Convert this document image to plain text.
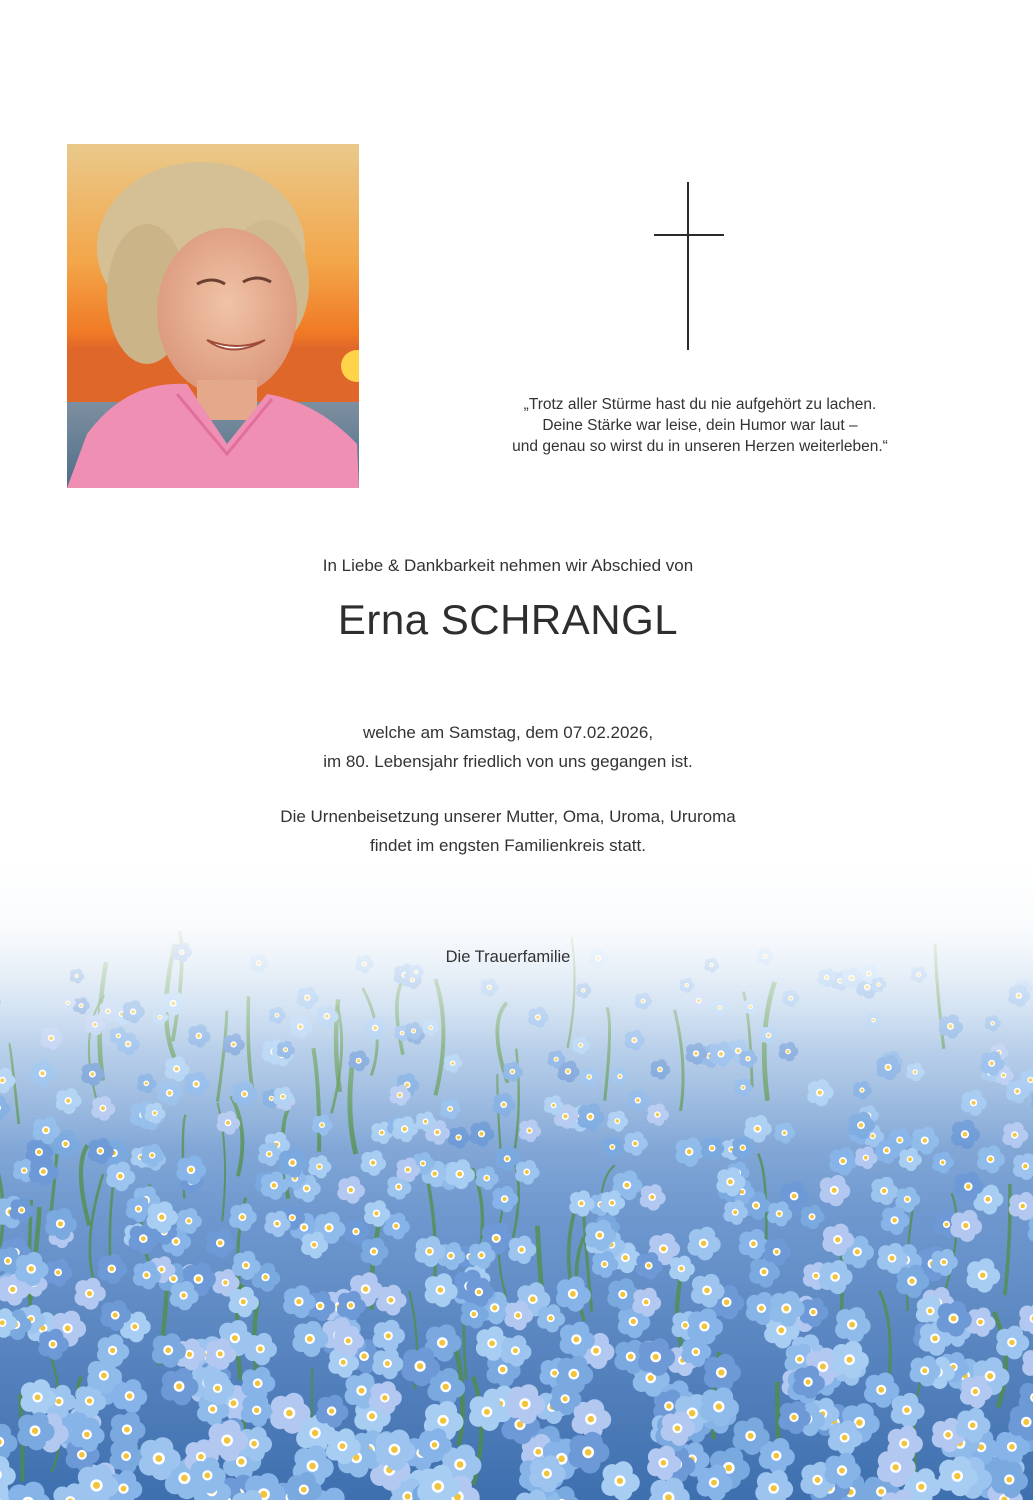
„Trotz aller Stürme hast du nie aufgehört zu lachen.
Deine Stärke war leise, dein Humor war laut –
und genau so wirst du in unseren Herzen weiterleben.“
In Liebe & Dankbarkeit nehmen wir Abschied von
Erna SCHRANGL
welche am Samstag, dem 07.02.2026,
im 80. Lebensjahr friedlich von uns gegangen ist.
Die Urnenbeisetzung unserer Mutter, Oma, Uroma, Ururoma
findet im engsten Familienkreis statt.
Die Trauerfamilie
